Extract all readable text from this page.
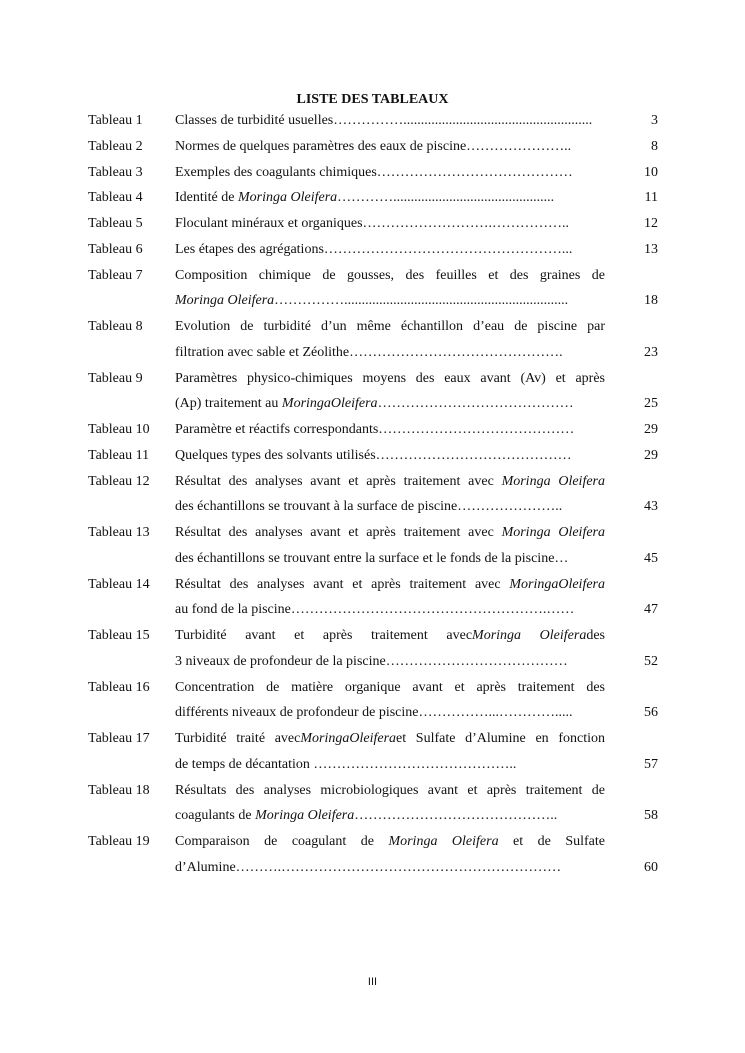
LISTE DES TABLEAUX
Tableau 1 Classes de turbidité usuelles……………......................................................	3
Tableau 2 Normes de quelques paramètres des eaux de piscine…………………..	8
Tableau 3 Exemples des coagulants chimiques……………………………………	10
Tableau 4 Identité de Moringa Oleifera…………..............................................	11
Tableau 5 Floculant minéraux et organiques……………………….……………..	12
Tableau 6 Les étapes des agrégations……………………………………………...	13
Tableau 7 Composition chimique de gousses, des feuilles et des graines de
Moringa Oleifera……………................................................................	18
Tableau 8 Evolution de turbidité d’un même échantillon d’eau de piscine par
filtration avec sable et Zéolithe……………………………………….	23
Tableau 9 Paramètres physico-chimiques moyens des eaux avant (Av) et après
(Ap) traitement au MoringaOleifera……………………………………	25
Tableau 10 Paramètre et réactifs correspondants……………………………………	29
Tableau 11 Quelques types des solvants utilisés……………………………………	29
Tableau 12 Résultat des analyses avant et après traitement avec Moringa Oleifera
des échantillons se trouvant à la surface de piscine…………………..	43
Tableau 13 Résultat des analyses avant et après traitement avec Moringa Oleifera
des échantillons se trouvant entre la surface et le fonds de la piscine…	45
Tableau 14 Résultat des analyses avant et après traitement avec MoringaOleifera
au fond de la piscine……………………………………………….……	47
Tableau 15 Turbidité avant et après traitement avecMoringa Oleiferades
3 niveaux de profondeur de la piscine…………………………………	52
Tableau 16 Concentration de matière organique avant et après traitement des
différents niveaux de profondeur de piscine……………...………….....	56
Tableau 17 Turbidité traité avecMoringaOleiferaet Sulfate d’Alumine en fonction
de temps de décantation ……………………………………..	57
Tableau 18 Résultats des analyses microbiologiques avant et après traitement de
coagulants de Moringa Oleifera……………………………………..	58
Tableau 19 Comparaison de coagulant de Moringa Oleifera et de Sulfate
d’Alumine……….……………………………………………………	60
III
